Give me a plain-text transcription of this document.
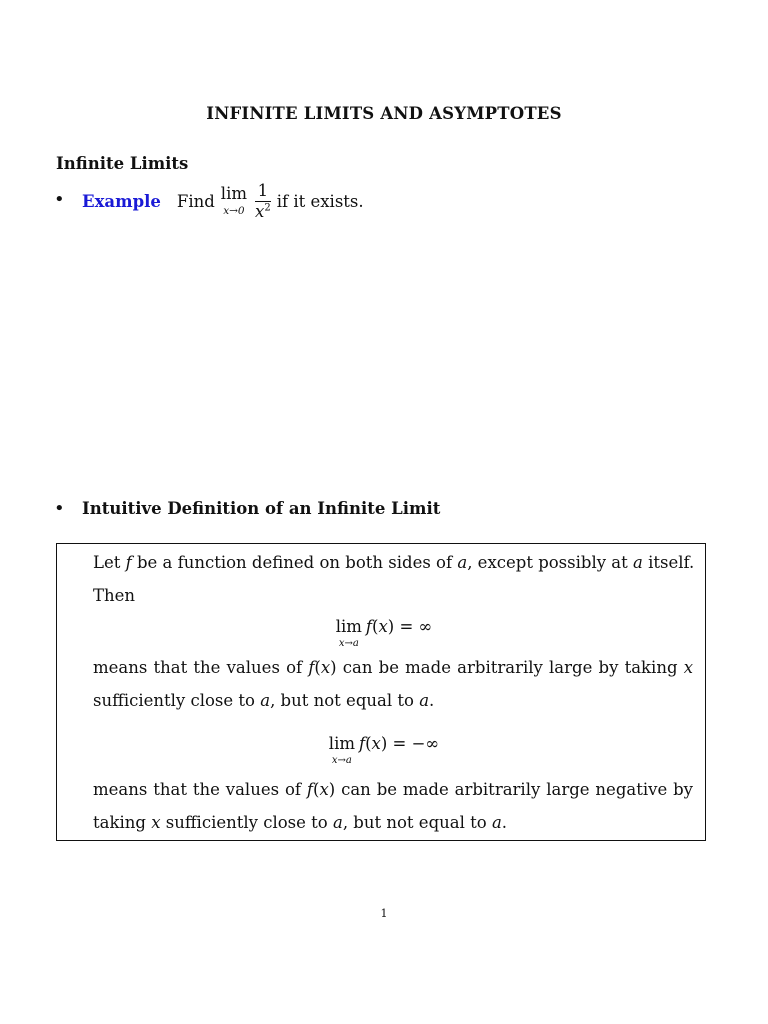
INFINITE LIMITS AND ASYMPTOTES
Infinite Limits
• Example Find lim
$x\to 0 \frac{1}{x^2}$ if it exists.
• Intuitive Definition of an Infinite Limit
Let f be a function defined on both sides of a, except possibly at a itself.
Then
lim
x→a
f(x) = ∞
means that the values of f(x) can be made arbitrarily large by taking x
sufficiently close to a, but not equal to a.
lim
x→a
f(x) = −∞
means that the values of f(x) can be made arbitrarily large negative by
taking x sufficiently close to a, but not equal to a.
1
